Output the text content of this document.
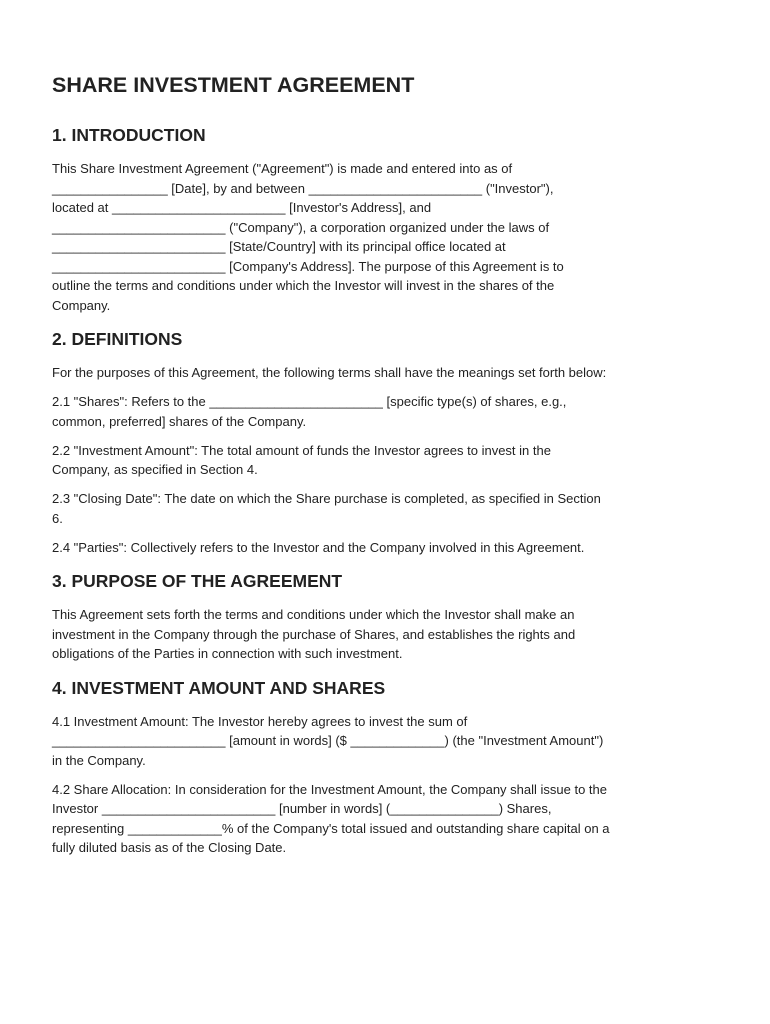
SHARE INVESTMENT AGREEMENT
1. INTRODUCTION
This Share Investment Agreement ("Agreement") is made and entered into as of
________________ [Date], by and between ________________________ ("Investor"),
located at ________________________ [Investor's Address], and
________________________ ("Company"), a corporation organized under the laws of
________________________ [State/Country] with its principal office located at
________________________ [Company's Address]. The purpose of this Agreement is to
outline the terms and conditions under which the Investor will invest in the shares of the
Company.
2. DEFINITIONS
For the purposes of this Agreement, the following terms shall have the meanings set forth below:
2.1 "Shares": Refers to the ________________________ [specific type(s) of shares, e.g.,
common, preferred] shares of the Company.
2.2 "Investment Amount": The total amount of funds the Investor agrees to invest in the
Company, as specified in Section 4.
2.3 "Closing Date": The date on which the Share purchase is completed, as specified in Section
6.
2.4 "Parties": Collectively refers to the Investor and the Company involved in this Agreement.
3. PURPOSE OF THE AGREEMENT
This Agreement sets forth the terms and conditions under which the Investor shall make an
investment in the Company through the purchase of Shares, and establishes the rights and
obligations of the Parties in connection with such investment.
4. INVESTMENT AMOUNT AND SHARES
4.1 Investment Amount: The Investor hereby agrees to invest the sum of
________________________ [amount in words] ($ _____________) (the "Investment Amount")
in the Company.
4.2 Share Allocation: In consideration for the Investment Amount, the Company shall issue to the
Investor ________________________ [number in words] (_______________) Shares,
representing _____________% of the Company's total issued and outstanding share capital on a
fully diluted basis as of the Closing Date.
